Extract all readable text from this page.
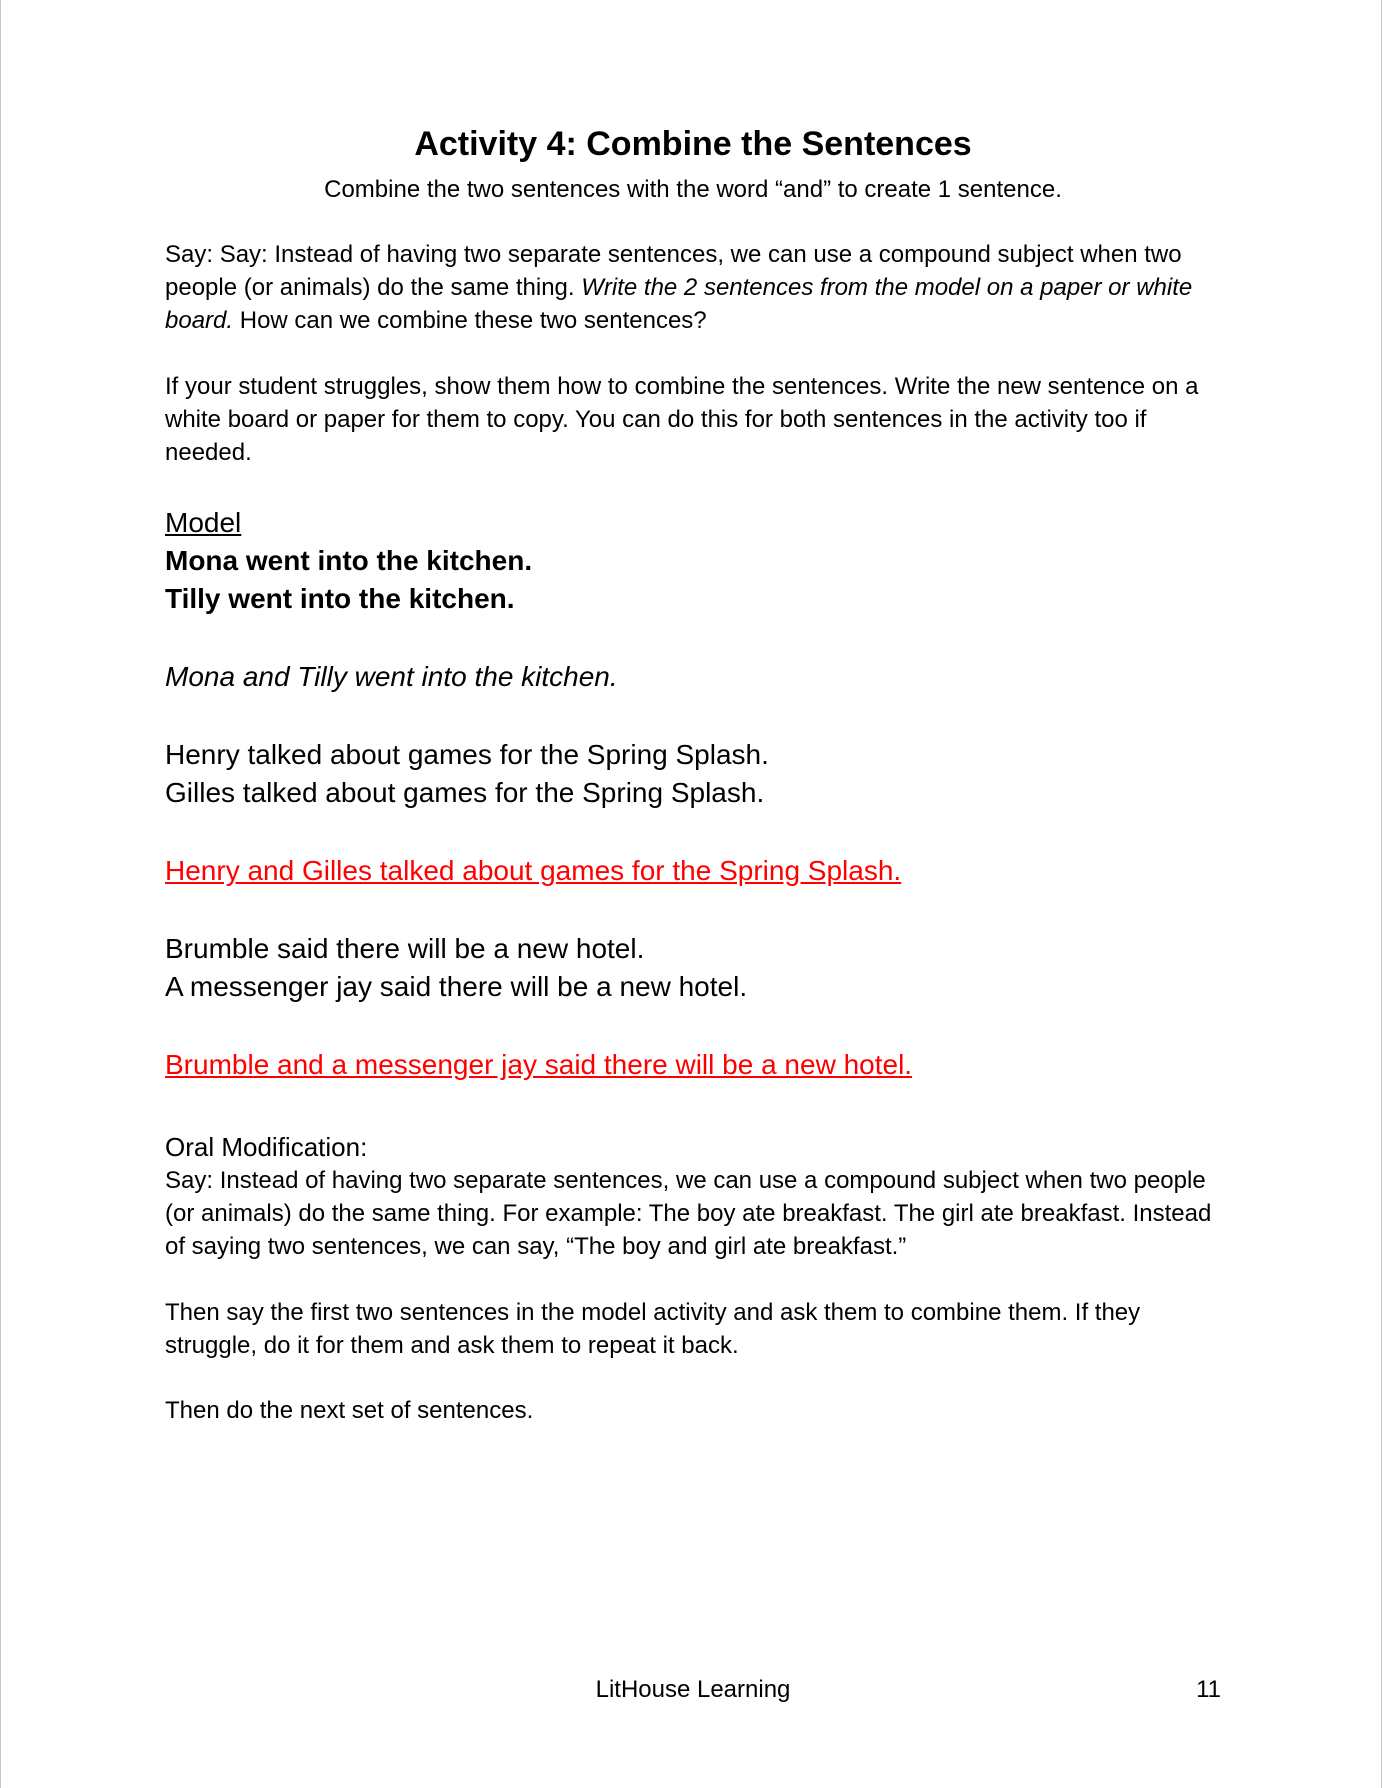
Activity 4: Combine the Sentences
Combine the two sentences with the word “and” to create 1 sentence.

Say: Say: Instead of having two separate sentences, we can use a compound subject when two people (or animals) do the same thing. Write the 2 sentences from the model on a paper or white board. How can we combine these two sentences?

If your student struggles, show them how to combine the sentences. Write the new sentence on a white board or paper for them to copy. You can do this for both sentences in the activity too if needed.

Model
Mona went into the kitchen.
Tilly went into the kitchen.
Mona and Tilly went into the kitchen.
Henry talked about games for the Spring Splash.
Gilles talked about games for the Spring Splash.
Henry and Gilles talked about games for the Spring Splash.
Brumble said there will be a new hotel.
A messenger jay said there will be a new hotel.
Brumble and a messenger jay said there will be a new hotel.
Oral Modification:

Say: Instead of having two separate sentences, we can use a compound subject when two people (or animals) do the same thing. For example: The boy ate breakfast. The girl ate breakfast. Instead of saying two sentences, we can say, “The boy and girl ate breakfast.”

Then say the first two sentences in the model activity and ask them to combine them. If they struggle, do it for them and ask them to repeat it back.

Then do the next set of sentences.

LitHouse Learning	11
